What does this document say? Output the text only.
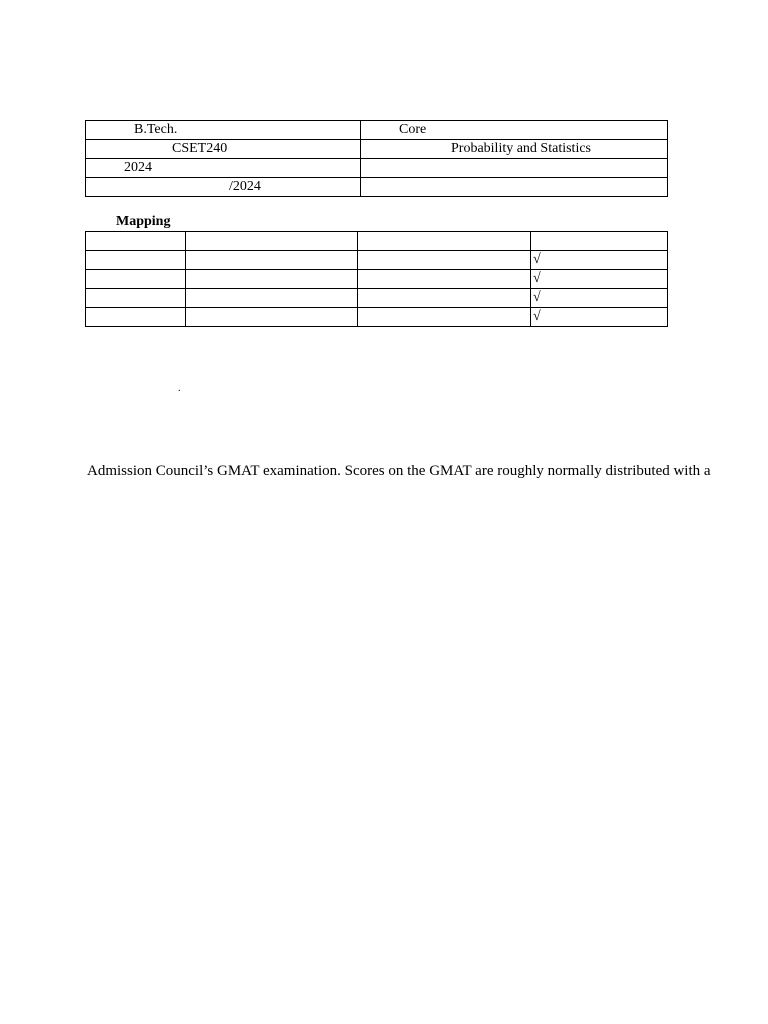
B.Tech.	Core
CSET240	Probability and Statistics
2024	
/2024	
Mapping

			√
			√
			√
			√
.
Admission Council’s GMAT examination. Scores on the GMAT are roughly normally distributed with a
